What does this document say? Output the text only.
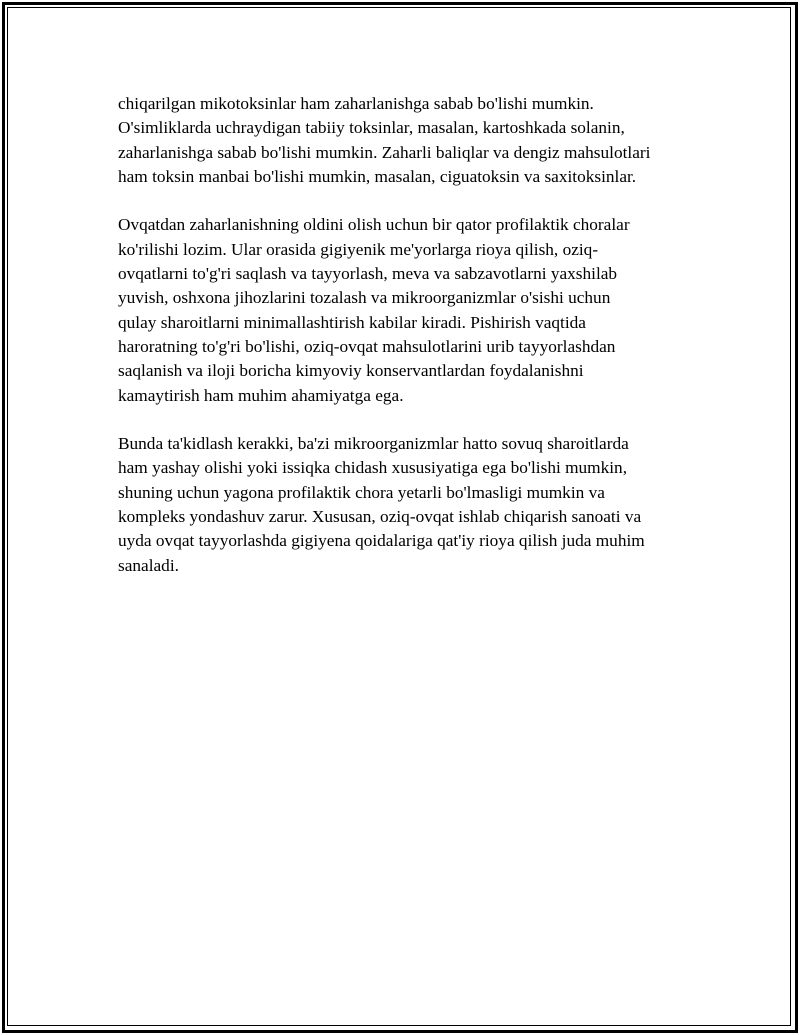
chiqarilgan mikotoksinlar ham zaharlanishga sabab bo'lishi mumkin.
O'simliklarda uchraydigan tabiiy toksinlar, masalan, kartoshkada solanin,
zaharlanishga sabab bo'lishi mumkin. Zaharli baliqlar va dengiz mahsulotlari
ham toksin manbai bo'lishi mumkin, masalan, ciguatoksin va saxitoksinlar.

Ovqatdan zaharlanishning oldini olish uchun bir qator profilaktik choralar
ko'rilishi lozim. Ular orasida gigiyenik me'yorlarga rioya qilish, oziq-
ovqatlarni to'g'ri saqlash va tayyorlash, meva va sabzavotlarni yaxshilab
yuvish, oshxona jihozlarini tozalash va mikroorganizmlar o'sishi uchun
qulay sharoitlarni minimallashtirish kabilar kiradi. Pishirish vaqtida
haroratning to'g'ri bo'lishi, oziq-ovqat mahsulotlarini urib tayyorlashdan
saqlanish va iloji boricha kimyoviy konservantlardan foydalanishni
kamaytirish ham muhim ahamiyatga ega.

Bunda ta'kidlash kerakki, ba'zi mikroorganizmlar hatto sovuq sharoitlarda
ham yashay olishi yoki issiqka chidash xususiyatiga ega bo'lishi mumkin,
shuning uchun yagona profilaktik chora yetarli bo'lmasligi mumkin va
kompleks yondashuv zarur. Xususan, oziq-ovqat ishlab chiqarish sanoati va
uyda ovqat tayyorlashda gigiyena qoidalariga qat'iy rioya qilish juda muhim
sanaladi.
